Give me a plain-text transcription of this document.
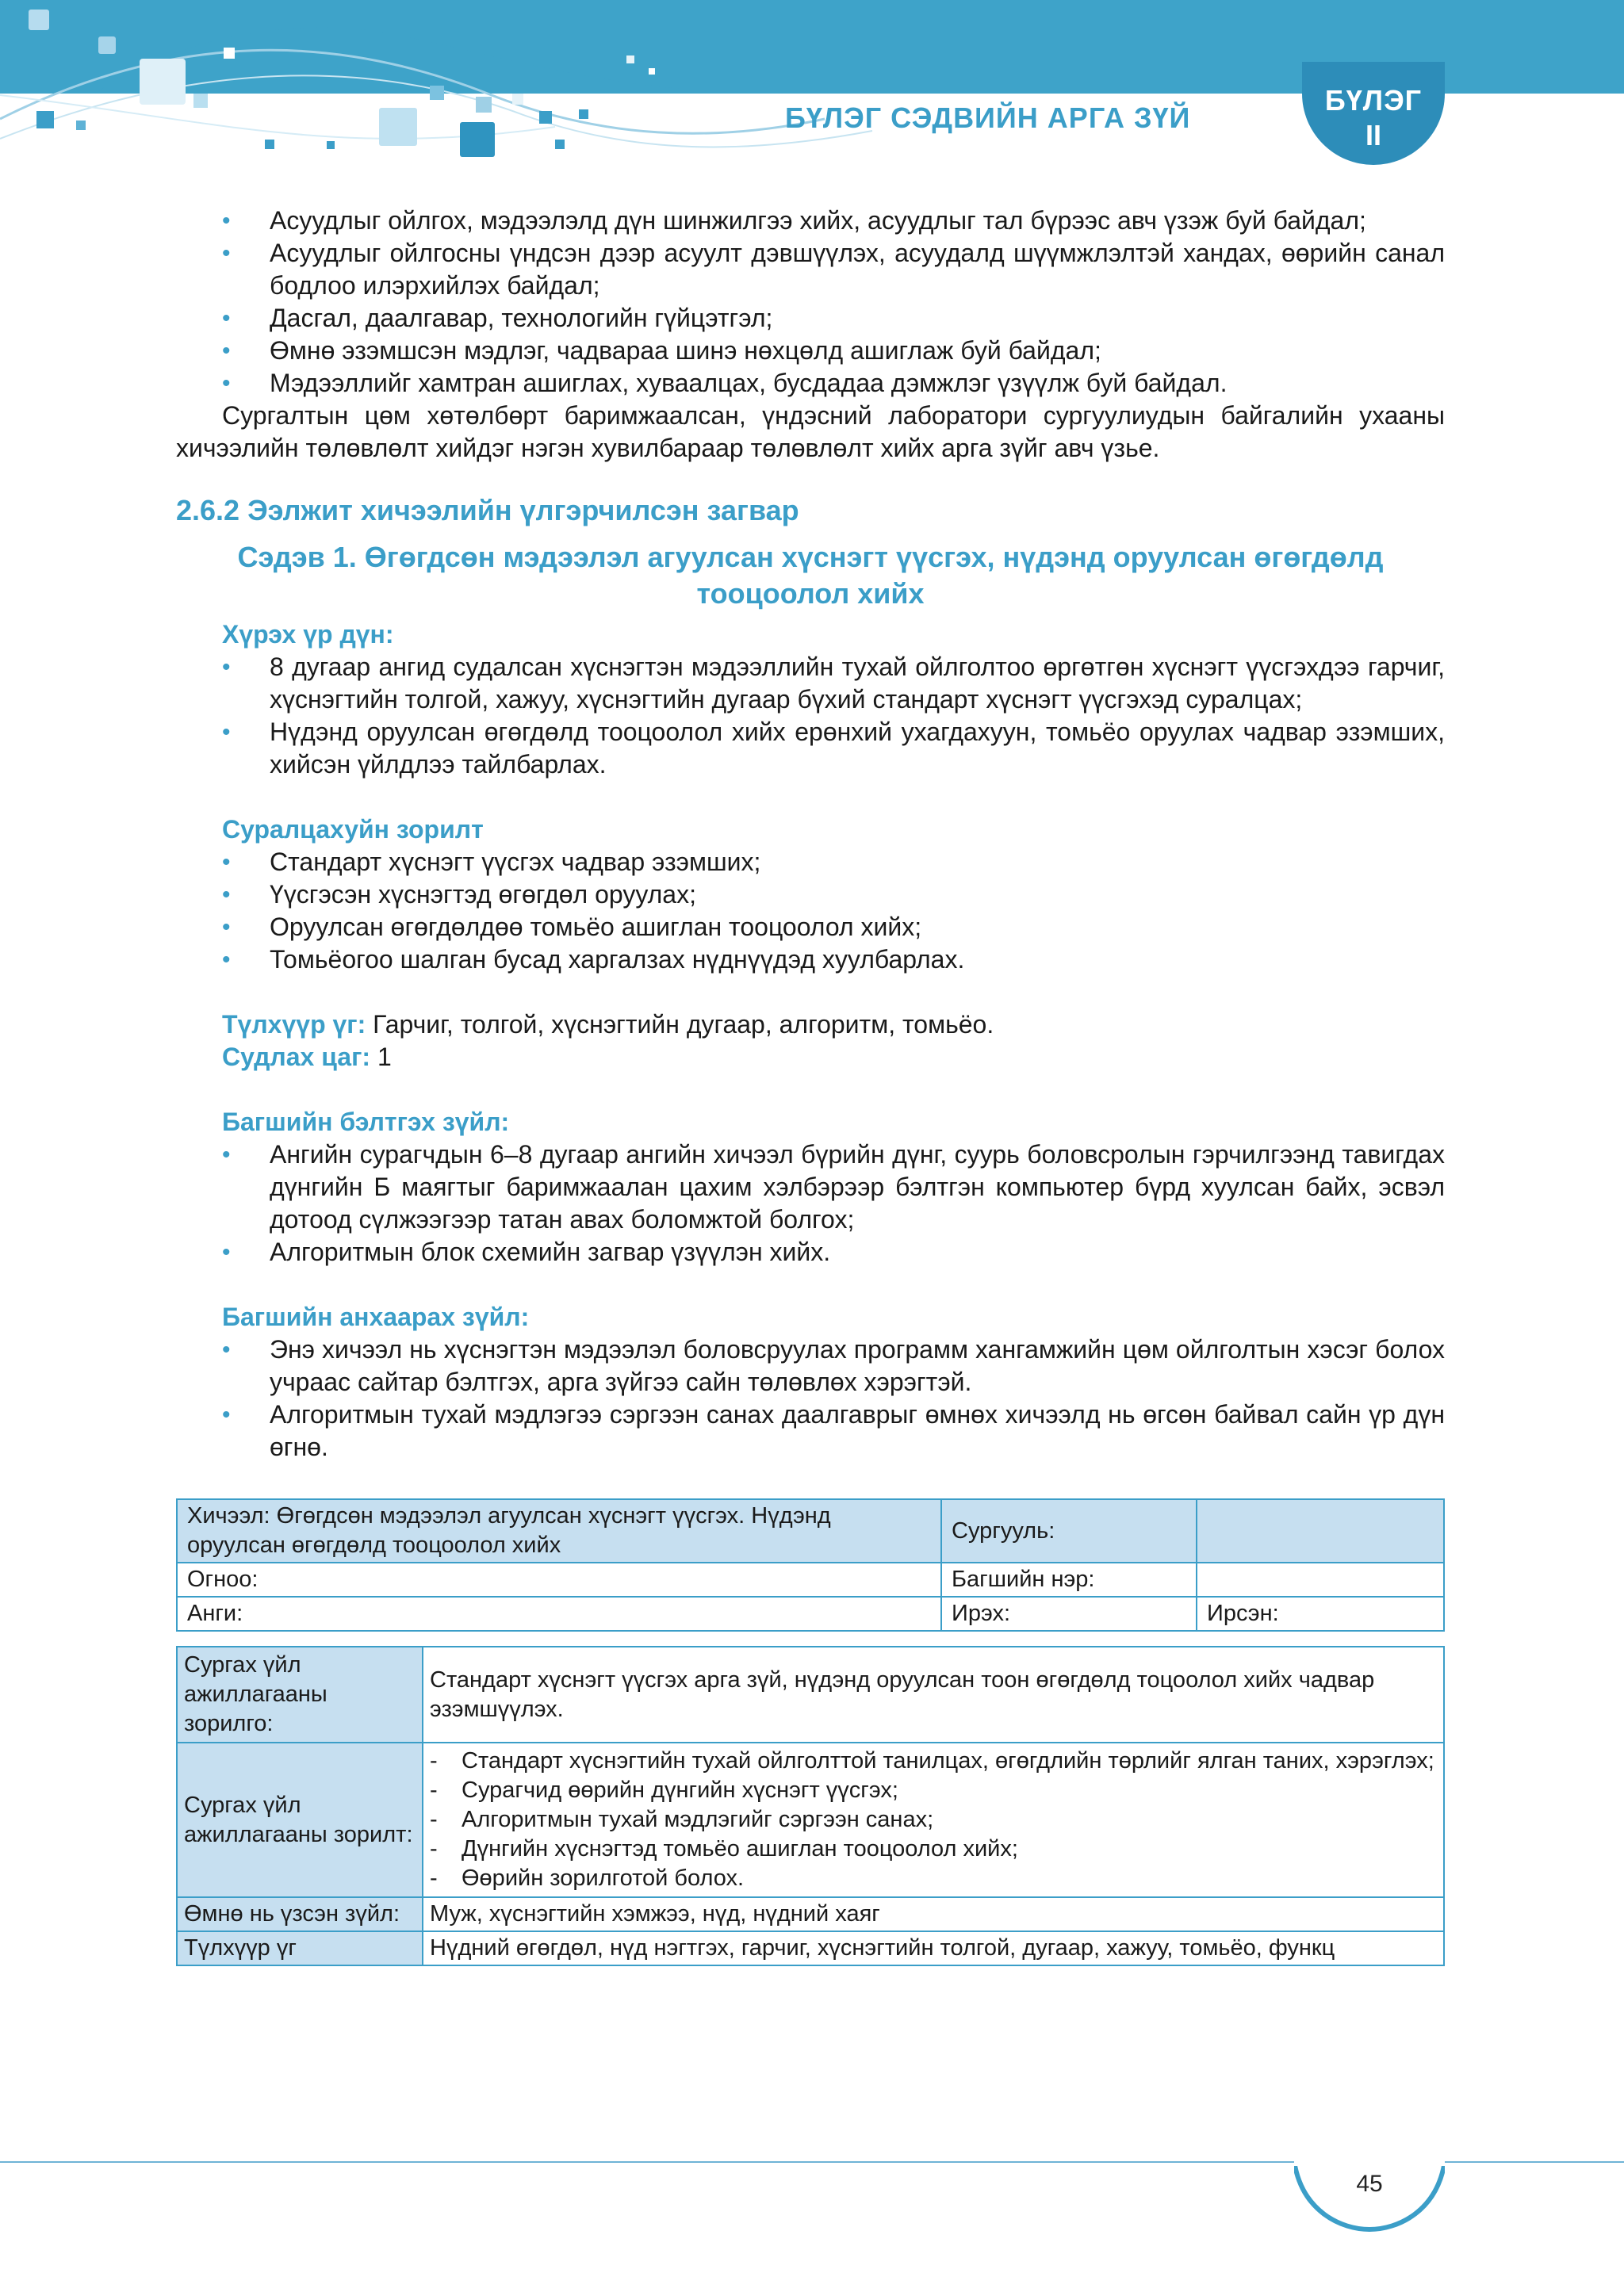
БҮЛЭГ СЭДВИЙН АРГА ЗҮЙ
БҮЛЭГ
II
• Асуудлыг ойлгох, мэдээлэлд дүн шинжилгээ хийх, асуудлыг тал бүрээс авч үзэж буй байдал;
• Асуудлыг ойлгосны үндсэн дээр асуулт дэвшүүлэх, асуудалд шүүмжлэлтэй хандах, өөрийн санал бодлоо илэрхийлэх байдал;
• Дасгал, даалгавар, технологийн гүйцэтгэл;
• Өмнө эзэмшсэн мэдлэг, чадвараа шинэ нөхцөлд ашиглаж буй байдал;
• Мэдээллийг хамтран ашиглах, хуваалцах, бусдадаа дэмжлэг үзүүлж буй байдал.
Сургалтын цөм хөтөлбөрт баримжаалсан, үндэсний лаборатори сургуулиудын байгалийн ухааны хичээлийн төлөвлөлт хийдэг нэгэн хувилбараар төлөвлөлт хийх арга зүйг авч үзье.
2.6.2 Ээлжит хичээлийн үлгэрчилсэн загвар
Сэдэв 1. Өгөгдсөн мэдээлэл агуулсан хүснэгт үүсгэх, нүдэнд оруулсан өгөгдөлд тооцоолол хийх
Хүрэх үр дүн:
• 8 дугаар ангид судалсан хүснэгтэн мэдээллийн тухай ойлголтоо өргөтгөн хүснэгт үүсгэхдээ гарчиг, хүснэгтийн толгой, хажуу, хүснэгтийн дугаар бүхий стандарт хүснэгт үүсгэхэд суралцах;
• Нүдэнд оруулсан өгөгдөлд тооцоолол хийх ерөнхий ухагдахуун, томьёо оруулах чадвар эзэмших, хийсэн үйлдлээ тайлбарлах.
Суралцахуйн зорилт
• Стандарт хүснэгт үүсгэх чадвар эзэмших;
• Үүсгэсэн хүснэгтэд өгөгдөл оруулах;
• Оруулсан өгөгдөлдөө томьёо ашиглан тооцоолол хийх;
• Томьёогоо шалган бусад харгалзах нүднүүдэд хуулбарлах.
Түлхүүр үг: Гарчиг, толгой, хүснэгтийн дугаар, алгоритм, томьёо.
Судлах цаг: 1
Багшийн бэлтгэх зүйл:
• Ангийн сурагчдын 6–8 дугаар ангийн хичээл бүрийн дүнг, суурь боловсролын гэрчилгээнд тавигдах дүнгийн Б маягтыг баримжаалан цахим хэлбэрээр бэлтгэн компьютер бүрд хуулсан байх, эсвэл дотоод сүлжээгээр татан авах боломжтой болгох;
• Алгоритмын блок схемийн загвар үзүүлэн хийх.
Багшийн анхаарах зүйл:
• Энэ хичээл нь хүснэгтэн мэдээлэл боловсруулах программ хангамжийн цөм ойлголтын хэсэг болох учраас сайтар бэлтгэх, арга зүйгээ сайн төлөвлөх хэрэгтэй.
• Алгоритмын тухай мэдлэгээ сэргээн санах даалгаврыг өмнөх хичээлд нь өгсөн байвал сайн үр дүн өгнө.
Хичээл: Өгөгдсөн мэдээлэл агуулсан хүснэгт үүсгэх. Нүдэнд оруулсан өгөгдөлд тооцоолол хийх	Сургууль:	
Огноо:	Багшийн нэр:	
Анги:	Ирэх:	Ирсэн:
Сургах үйл ажиллагааны зорилго:	Стандарт хүснэгт үүсгэх арга зүй, нүдэнд оруулсан тоон өгөгдөлд тоцоолол хийх чадвар эзэмшүүлэх.
Сургах үйл ажиллагааны зорилт:	- Стандарт хүснэгтийн тухай ойлголттой танилцах, өгөгдлийн төрлийг ялган таних, хэрэглэх;
- Сурагчид өөрийн дүнгийн хүснэгт үүсгэх;
- Алгоритмын тухай мэдлэгийг сэргээн санах;
- Дүнгийн хүснэгтэд томьёо ашиглан тооцоолол хийх;
- Өөрийн зорилготой болох.

Өмнө нь үзсэн зүйл:	Муж, хүснэгтийн хэмжээ, нүд, нүдний хаяг
Түлхүүр үг	Нүдний өгөгдөл, нүд нэгтгэх, гарчиг, хүснэгтийн толгой, дугаар, хажуу, томьёо, функц
45
